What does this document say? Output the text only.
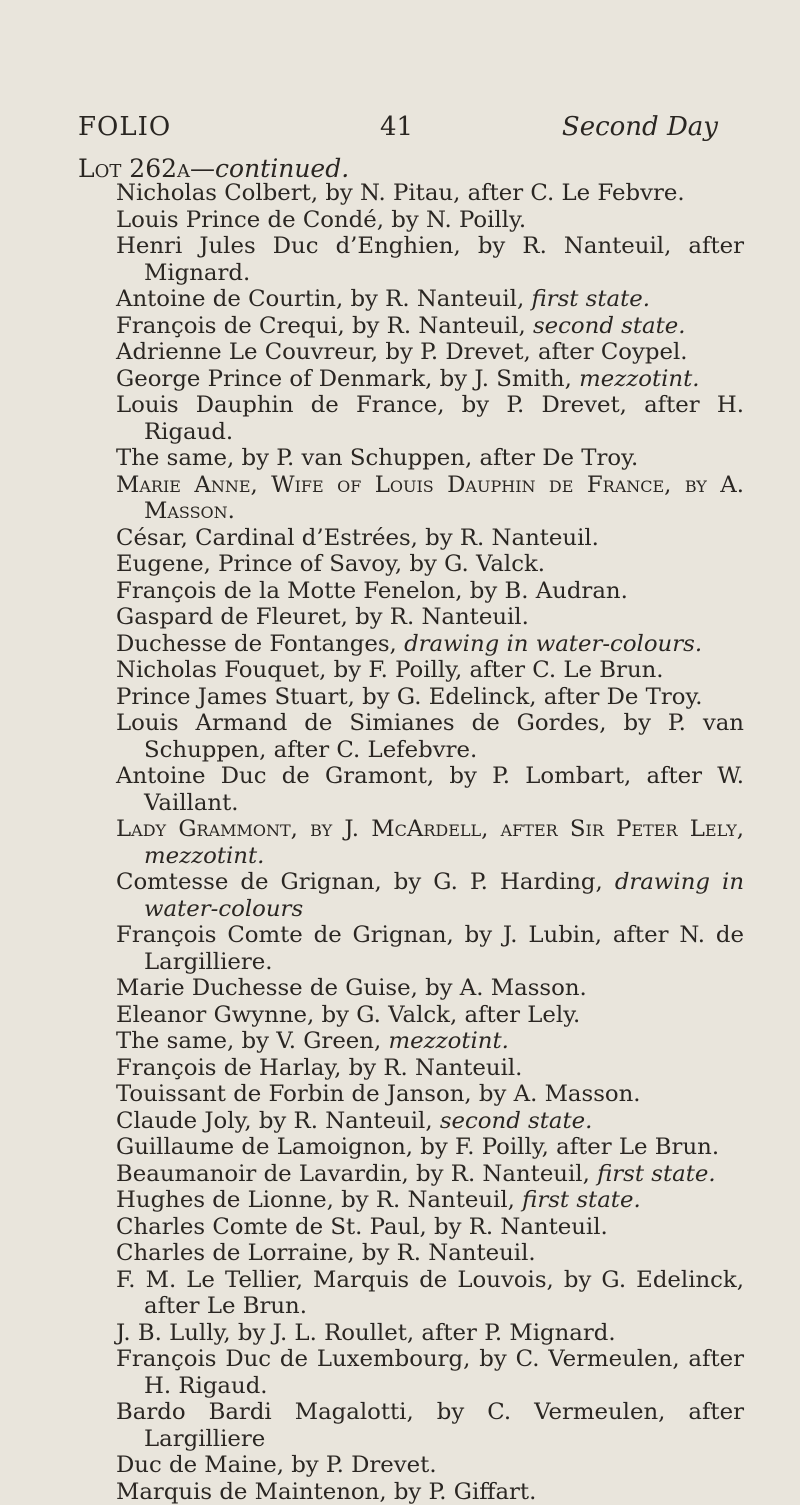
FOLIO	41	Second Day
Lot 262a—continued.
Nicholas Colbert, by N. Pitau, after C. Le Febvre.
Louis Prince de Condé, by N. Poilly.
Henri Jules Duc d’Enghien, by R. Nanteuil, after Mignard.
Antoine de Courtin, by R. Nanteuil, first state.
François de Crequi, by R. Nanteuil, second state.
Adrienne Le Couvreur, by P. Drevet, after Coypel.
George Prince of Denmark, by J. Smith, mezzotint.
Louis Dauphin de France, by P. Drevet, after H. Rigaud.
The same, by P. van Schuppen, after De Troy.
Marie Anne, Wife of Louis Dauphin de France, by A. Masson.
César, Cardinal d’Estrées, by R. Nanteuil.
Eugene, Prince of Savoy, by G. Valck.
François de la Motte Fenelon, by B. Audran.
Gaspard de Fleuret, by R. Nanteuil.
Duchesse de Fontanges, drawing in water-colours.
Nicholas Fouquet, by F. Poilly, after C. Le Brun.
Prince James Stuart, by G. Edelinck, after De Troy.
Louis Armand de Simianes de Gordes, by P. van Schuppen, after C. Lefebvre.
Antoine Duc de Gramont, by P. Lombart, after W. Vaillant.
Lady Grammont, by J. McArdell, after Sir Peter Lely, mezzotint.
Comtesse de Grignan, by G. P. Harding, drawing in water-colours
François Comte de Grignan, by J. Lubin, after N. de Largilliere.
Marie Duchesse de Guise, by A. Masson.
Eleanor Gwynne, by G. Valck, after Lely.
The same, by V. Green, mezzotint.
François de Harlay, by R. Nanteuil.
Touissant de Forbin de Janson, by A. Masson.
Claude Joly, by R. Nanteuil, second state.
Guillaume de Lamoignon, by F. Poilly, after Le Brun.
Beaumanoir de Lavardin, by R. Nanteuil, first state.
Hughes de Lionne, by R. Nanteuil, first state.
Charles Comte de St. Paul, by R. Nanteuil.
Charles de Lorraine, by R. Nanteuil.
F. M. Le Tellier, Marquis de Louvois, by G. Edelinck, after Le Brun.
J. B. Lully, by J. L. Roullet, after P. Mignard.
François Duc de Luxembourg, by C. Vermeulen, after H. Rigaud.
Bardo Bardi Magalotti, by C. Vermeulen, after Largilliere
Duc de Maine, by P. Drevet.
Marquis de Maintenon, by P. Giffart.
